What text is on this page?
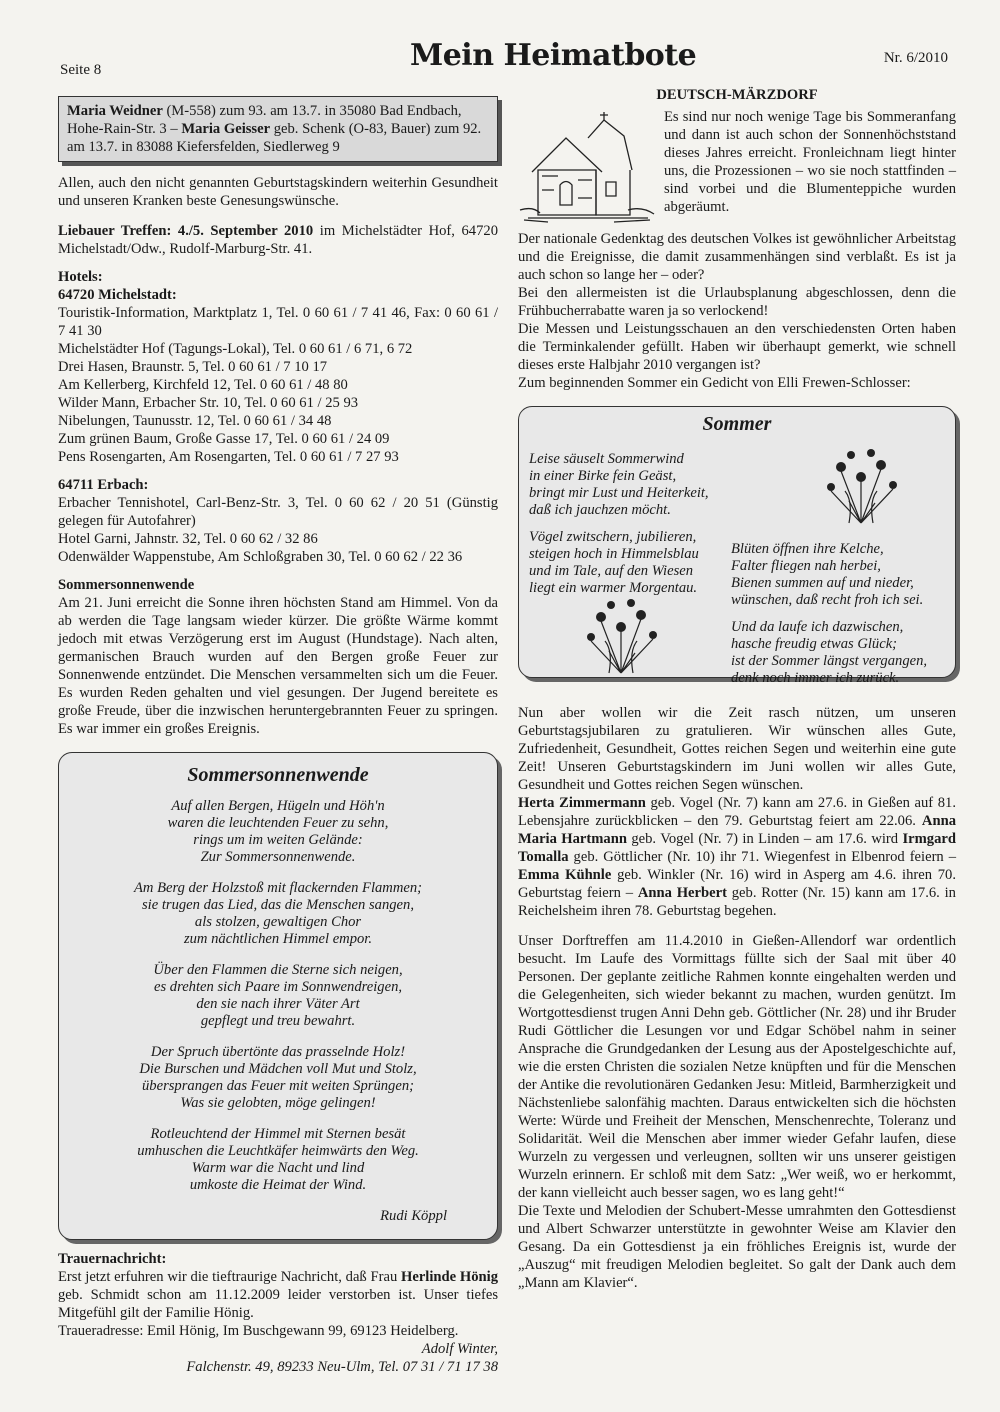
Seite 8	Mein Heimatbote	Nr. 6/2010
Maria Weidner (M-558) zum 93. am 13.7. in 35080 Bad Endbach, Hohe-Rain-Str. 3 – Maria Geisser geb. Schenk (O-83, Bauer) zum 92. am 13.7. in 83088 Kiefersfelden, Siedlerweg 9

Allen, auch den nicht genannten Geburtstagskindern weiterhin Gesundheit und unseren Kranken beste Genesungswünsche.

Liebauer Treffen: 4./5. September 2010 im Michelstädter Hof, 64720 Michelstadt/Odw., Rudolf-Marburg-Str. 41.

Hotels:

64720 Michelstadt:

Touristik-Information, Marktplatz 1, Tel. 0 60 61 / 7 41 46, Fax: 0 60 61 / 7 41 30

Michelstädter Hof (Tagungs-Lokal), Tel. 0 60 61 / 6 71, 6 72

Drei Hasen, Braunstr. 5, Tel. 0 60 61 / 7 10 17

Am Kellerberg, Kirchfeld 12, Tel. 0 60 61 / 48 80

Wilder Mann, Erbacher Str. 10, Tel. 0 60 61 / 25 93

Nibelungen, Taunusstr. 12, Tel. 0 60 61 / 34 48

Zum grünen Baum, Große Gasse 17, Tel. 0 60 61 / 24 09

Pens Rosengarten, Am Rosengarten, Tel. 0 60 61 / 7 27 93

64711 Erbach:

Erbacher Tennishotel, Carl-Benz-Str. 3, Tel. 0 60 62 / 20 51 (Günstig gelegen für Autofahrer)

Hotel Garni, Jahnstr. 32, Tel. 0 60 62 / 32 86

Odenwälder Wappenstube, Am Schloßgraben 30, Tel. 0 60 62 / 22 36

Sommersonnenwende

Am 21. Juni erreicht die Sonne ihren höchsten Stand am Himmel. Von da ab werden die Tage langsam wieder kürzer. Die größte Wärme kommt jedoch mit etwas Verzögerung erst im August (Hundstage). Nach alten, germanischen Brauch wurden auf den Bergen große Feuer zur Sonnenwende entzündet. Die Menschen versammelten sich um die Feuer. Es wurden Reden gehalten und viel gesungen. Der Jugend bereitete es große Freude, über die inzwischen heruntergebrannten Feuer zu springen. Es war immer ein großes Ereignis.

Sommersonnenwende
Auf allen Bergen, Hügeln und Höh'n
waren die leuchtenden Feuer zu sehn,
rings um im weiten Gelände:
Zur Sommersonnenwende.
Am Berg der Holzstoß mit flackernden Flammen;
sie trugen das Lied, das die Menschen sangen,
als stolzen, gewaltigen Chor
zum nächtlichen Himmel empor.
Über den Flammen die Sterne sich neigen,
es drehten sich Paare im Sonnwendreigen,
den sie nach ihrer Väter Art
gepflegt und treu bewahrt.
Der Spruch übertönte das prasselnde Holz!
Die Burschen und Mädchen voll Mut und Stolz,
übersprangen das Feuer mit weiten Sprüngen;
Was sie gelobten, möge gelingen!
Rotleuchtend der Himmel mit Sternen besät
umhuschen die Leuchtkäfer heimwärts den Weg.
Warm war die Nacht und lind
umkoste die Heimat der Wind.
Rudi Köppl

Trauernachricht:

Erst jetzt erfuhren wir die tieftraurige Nachricht, daß Frau Herlinde Hönig geb. Schmidt schon am 11.12.2009 leider verstorben ist. Unser tiefes Mitgefühl gilt der Familie Hönig.

Traueradresse: Emil Hönig, Im Buschgewann 99, 69123 Heidelberg.

Adolf Winter,

Falchenstr. 49, 89233 Neu-Ulm, Tel. 07 31 / 71 17 38

DEUTSCH-MÄRZDORF

Es sind nur noch wenige Tage bis Sommeranfang und dann ist auch schon der Sonnenhöchststand dieses Jahres erreicht. Fronleichnam liegt hinter uns, die Prozessionen – wo sie noch stattfinden – sind vorbei und die Blumenteppiche wurden abgeräumt.

Der nationale Gedenktag des deutschen Volkes ist gewöhnlicher Arbeitstag und die Ereignisse, die damit zusammenhängen sind verblaßt. Es ist ja auch schon so lange her – oder?

Bei den allermeisten ist die Urlaubsplanung abgeschlossen, denn die Frühbucherrabatte waren ja so verlockend!

Die Messen und Leistungsschauen an den verschiedensten Orten haben die Terminkalender gefüllt. Haben wir überhaupt gemerkt, wie schnell dieses erste Halbjahr 2010 vergangen ist?

Zum beginnenden Sommer ein Gedicht von Elli Frewen-Schlosser:

Sommer
Leise säuselt Sommerwind
in einer Birke fein Geäst,
bringt mir Lust und Heiterkeit,
daß ich jauchzen möcht.
Vögel zwitschern, jubilieren,
steigen hoch in Himmelsblau
und im Tale, auf den Wiesen
liegt ein warmer Morgentau.
Blüten öffnen ihre Kelche,
Falter fliegen nah herbei,
Bienen summen auf und nieder,
wünschen, daß recht froh ich sei.
Und da laufe ich dazwischen,
hasche freudig etwas Glück;
ist der Sommer längst vergangen,
denk noch immer ich zurück.

Nun aber wollen wir die Zeit rasch nützen, um unseren Geburtstagsjubilaren zu gratulieren. Wir wünschen alles Gute, Zufriedenheit, Gesundheit, Gottes reichen Segen und weiterhin eine gute Zeit! Unseren Geburtstagskindern im Juni wollen wir alles Gute, Gesundheit und Gottes reichen Segen wünschen.

Herta Zimmermann geb. Vogel (Nr. 7) kann am 27.6. in Gießen auf 81. Lebensjahre zurückblicken – den 79. Geburtstag feiert am 22.06. Anna Maria Hartmann geb. Vogel (Nr. 7) in Linden – am 17.6. wird Irmgard Tomalla geb. Göttlicher (Nr. 10) ihr 71. Wiegenfest in Elbenrod feiern – Emma Kühnle geb. Winkler (Nr. 16) wird in Asperg am 4.6. ihren 70. Geburtstag feiern – Anna Herbert geb. Rotter (Nr. 15) kann am 17.6. in Reichelsheim ihren 78. Geburtstag begehen.

Unser Dorftreffen am 11.4.2010 in Gießen-Allendorf war ordentlich besucht. Im Laufe des Vormittags füllte sich der Saal mit über 40 Personen. Der geplante zeitliche Rahmen konnte eingehalten werden und die Gelegenheiten, sich wieder bekannt zu machen, wurden genützt. Im Wortgottesdienst trugen Anni Dehn geb. Göttlicher (Nr. 28) und ihr Bruder Rudi Göttlicher die Lesungen vor und Edgar Schöbel nahm in seiner Ansprache die Grundgedanken der Lesung aus der Apostelgeschichte auf, wie die ersten Christen die sozialen Netze knüpften und für die Menschen der Antike die revolutionären Gedanken Jesu: Mitleid, Barmherzigkeit und Nächstenliebe salonfähig machten. Daraus entwickelten sich die höchsten Werte: Würde und Freiheit der Menschen, Menschenrechte, Toleranz und Solidarität. Weil die Menschen aber immer wieder Gefahr laufen, diese Wurzeln zu vergessen und verleugnen, sollten wir uns unserer geistigen Wurzeln erinnern. Er schloß mit dem Satz: „Wer weiß, wo er herkommt, der kann vielleicht auch besser sagen, wo es lang geht!“

Die Texte und Melodien der Schubert-Messe umrahmten den Gottesdienst und Albert Schwarzer unterstützte in gewohnter Weise am Klavier den Gesang. Da ein Gottesdienst ja ein fröhliches Ereignis ist, wurde der „Auszug“ mit freudigen Melodien begleitet. So galt der Dank auch dem „Mann am Klavier“.
